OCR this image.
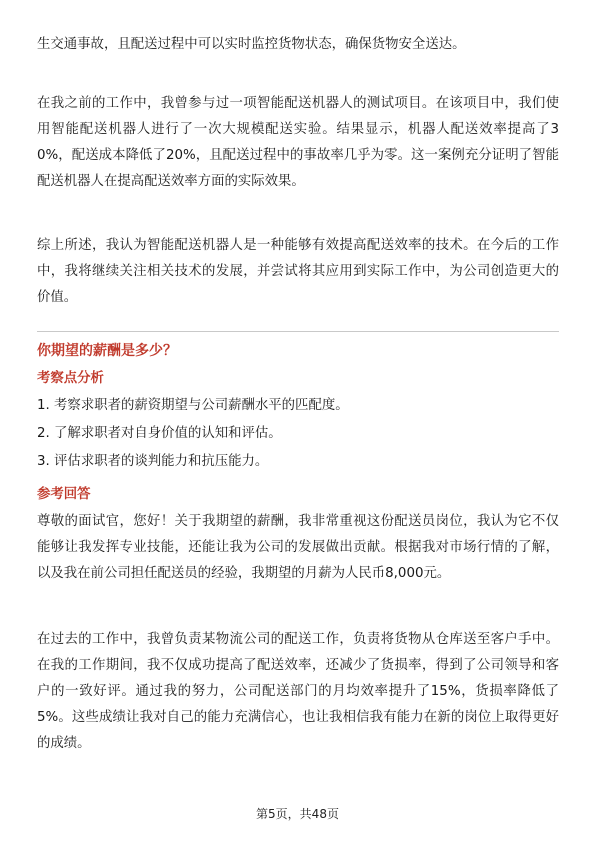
生交通事故，且配送过程中可以实时监控货物状态，确保货物安全送达。

在我之前的工作中，我曾参与过一项智能配送机器人的测试项目。在该项目中，我们使用智能配送机器人进行了一次大规模配送实验。结果显示，机器人配送效率提高了30%，配送成本降低了20%，且配送过程中的事故率几乎为零。这一案例充分证明了智能配送机器人在提高配送效率方面的实际效果。

综上所述，我认为智能配送机器人是一种能够有效提高配送效率的技术。在今后的工作中，我将继续关注相关技术的发展，并尝试将其应用到实际工作中，为公司创造更大的价值。

你期望的薪酬是多少？
考察点分析
1. 考察求职者的薪资期望与公司薪酬水平的匹配度。
2. 了解求职者对自身价值的认知和评估。
3. 评估求职者的谈判能力和抗压能力。
参考回答

尊敬的面试官，您好！关于我期望的薪酬，我非常重视这份配送员岗位，我认为它不仅能够让我发挥专业技能，还能让我为公司的发展做出贡献。根据我对市场行情的了解，以及我在前公司担任配送员的经验，我期望的月薪为人民币8,000元。

在过去的工作中，我曾负责某物流公司的配送工作，负责将货物从仓库送至客户手中。在我的工作期间，我不仅成功提高了配送效率，还减少了货损率，得到了公司领导和客户的一致好评。通过我的努力，公司配送部门的月均效率提升了15%，货损率降低了5%。这些成绩让我对自己的能力充满信心，也让我相信我有能力在新的岗位上取得更好的成绩。

第5页，共48页
